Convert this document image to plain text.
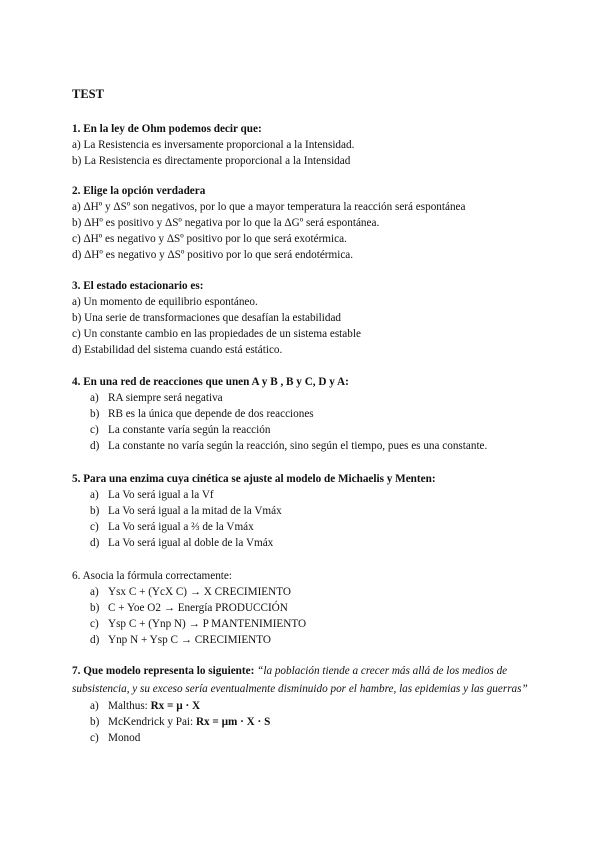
TEST
1. En la ley de Ohm podemos decir que:
a) La Resistencia es inversamente proporcional a la Intensidad.
b) La Resistencia es directamente proporcional a la Intensidad
2. Elige la opción verdadera
a) ΔHº y ΔSº son negativos, por lo que a mayor temperatura la reacción será espontánea
b) ΔHº es positivo y ΔSº negativa por lo que la ΔGº será espontánea.
c) ΔHº es negativo y ΔSº positivo por lo que será exotérmica.
d) ΔHº es negativo y ΔSº positivo por lo que será endotérmica.
3. El estado estacionario es:
a) Un momento de equilibrio espontáneo.
b) Una serie de transformaciones que desafían la estabilidad
c) Un constante cambio en las propiedades de un sistema estable
d) Estabilidad del sistema cuando está estático.
4. En una red de reacciones que unen A y B , B y C, D y A:
a) RA siempre será negativa
b) RB es la única que depende de dos reacciones
c) La constante varía según la reacción
d) La constante no varía según la reacción, sino según el tiempo, pues es una constante.
5. Para una enzima cuya cinética se ajuste al modelo de Michaelis y Menten:
a) La Vo será igual a la Vf
b) La Vo será igual a la mitad de la Vmáx
c) La Vo será igual a ⅔ de la Vmáx
d) La Vo será igual al doble de la Vmáx
6. Asocia la fórmula correctamente:
a) Ysx C + (YcX C) → X CRECIMIENTO
b) C + Yoe O2 → Energía PRODUCCIÓN
c) Ysp C + (Ynp N) → P MANTENIMIENTO
d) Ynp N + Ysp C → CRECIMIENTO
7. Que modelo representa lo siguiente: “la población tiende a crecer más allá de los medios de subsistencia, y su exceso sería eventualmente disminuido por el hambre, las epidemias y las guerras”
a) Malthus: Rx = µ · X
b) McKendrick y Pai: Rx = µm · X · S
c) Monod
